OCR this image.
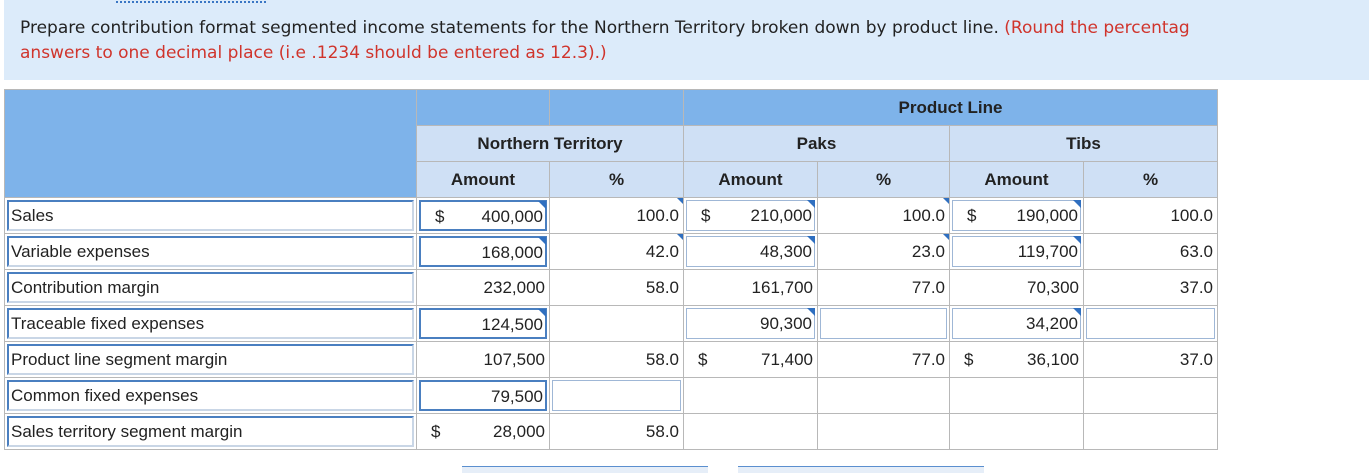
Prepare contribution format segmented income statements for the Northern Territory broken down by product line. (Round the percentag
answers to one decimal place (i.e .1234 should be entered as 12.3).)
			Product Line			
	Northern Territory		Paks		Tibs	
	Amount	%	Amount	%	Amount	%

Sales	$ 400,000	100.0	$ 210,000	100.0	$ 190,000	100.0

Variable expenses	168,000	42.0	48,300	23.0	119,700	63.0

Contribution margin	232,000	58.0	161,700	77.0	70,300	37.0

Traceable fixed expenses	124,500		90,300		34,200	

Product line segment margin	107,500	58.0	$ 71,400	77.0	$ 36,100	37.0

Common fixed expenses	79,500					

Sales territory segment margin	$ 28,000	58.0				
